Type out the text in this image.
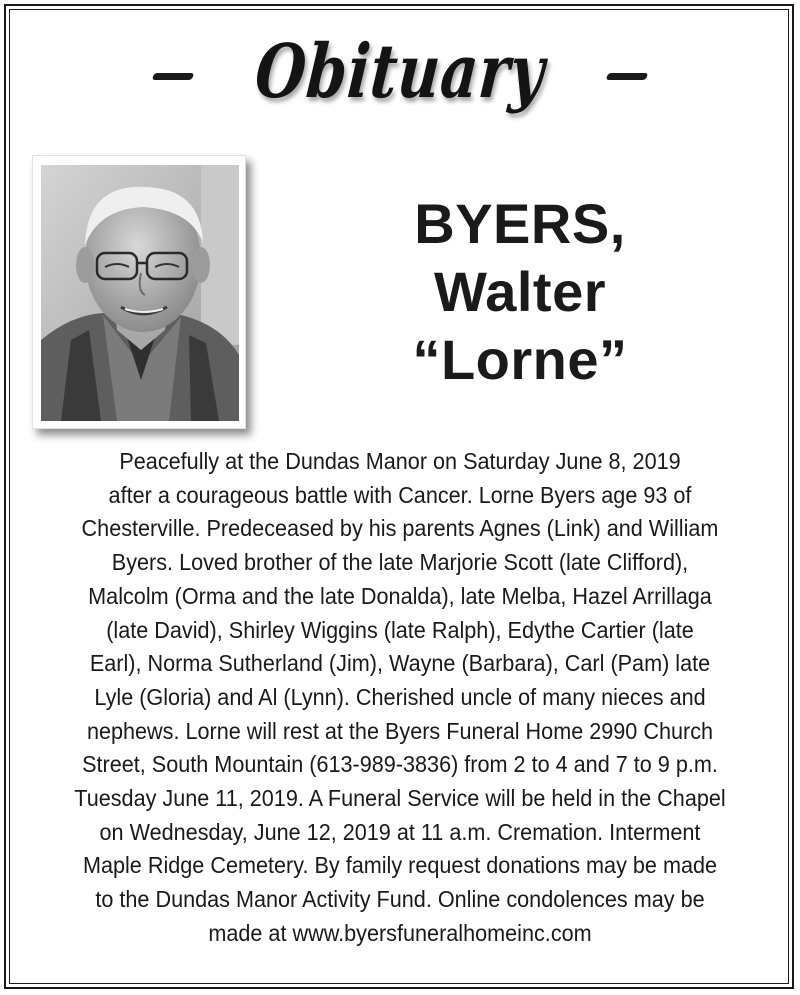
Obituary
BYERS,
Walter
“Lorne”
Peacefully at the Dundas Manor on Saturday June 8, 2019
after a courageous battle with Cancer. Lorne Byers age 93 of
Chesterville. Predeceased by his parents Agnes (Link) and William
Byers. Loved brother of the late Marjorie Scott (late Clifford),
Malcolm (Orma and the late Donalda), late Melba, Hazel Arrillaga
(late David), Shirley Wiggins (late Ralph), Edythe Cartier (late
Earl), Norma Sutherland (Jim), Wayne (Barbara), Carl (Pam) late
Lyle (Gloria) and Al (Lynn). Cherished uncle of many nieces and
nephews. Lorne will rest at the Byers Funeral Home 2990 Church
Street, South Mountain (613-989-3836) from 2 to 4 and 7 to 9 p.m.
Tuesday June 11, 2019. A Funeral Service will be held in the Chapel
on Wednesday, June 12, 2019 at 11 a.m. Cremation. Interment
Maple Ridge Cemetery. By family request donations may be made
to the Dundas Manor Activity Fund. Online condolences may be
made at www.byersfuneralhomeinc.com
